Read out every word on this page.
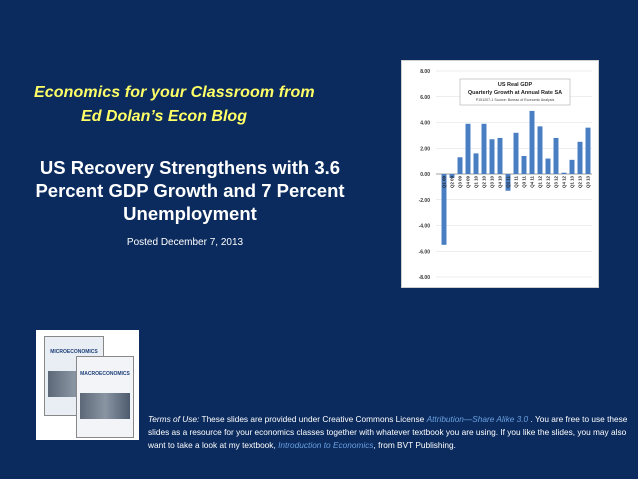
Economics for your Classroom from
Ed Dolan’s Econ Blog
US Recovery Strengthens with 3.6 Percent GDP Growth and 7 Percent Unemployment
Posted December 7, 2013
8.00
6.00
4.00
2.00
0.00
-2.00
-4.00
-6.00
-8.00
US Real GDP
Quarterly Growth at Annual Rate SA
P151207-1 Source: Bureau of Economic Analysis
Q1 09 Q2 09 Q3 09 Q4 09 Q1 10 Q2 10 Q3 10 Q4 10 Q1 11 Q2 11 Q3 11 Q4 11 Q1 12 Q2 12 Q3 12 Q4 12 Q1 13 Q2 13 Q3 13
MICROECONOMICS
MACROECONOMICS
Terms of Use: These slides are provided under Creative Commons License Attribution—Share Alike 3.0 . You are free to use these slides as a resource for your economics classes together with whatever textbook you are using. If you like the slides, you may also want to take a look at my textbook, Introduction to Economics, from BVT Publishing.
